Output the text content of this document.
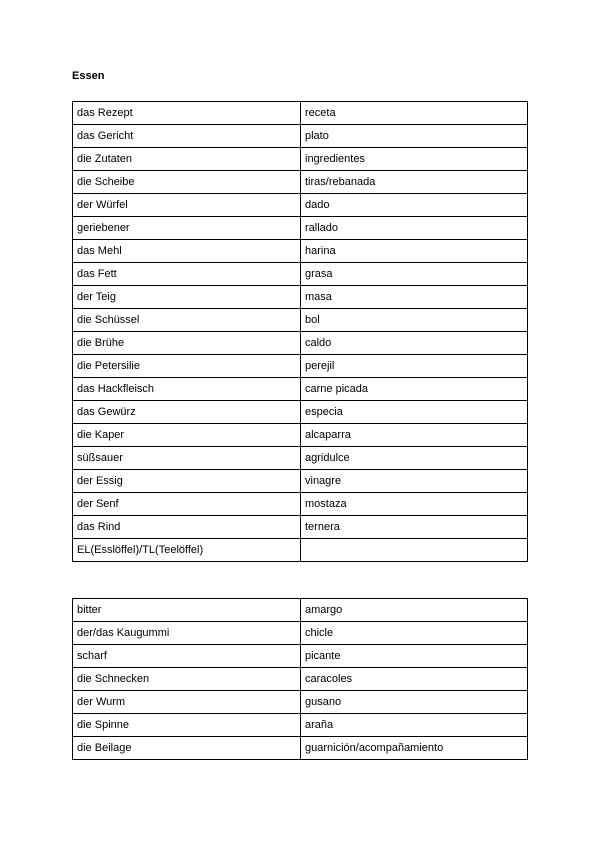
Essen
das Rezept	receta
das Gericht	plato
die Zutaten	ingredientes
die Scheibe	tiras/rebanada
der Würfel	dado
geriebener	rallado
das Mehl	harina
das Fett	grasa
der Teig	masa
die Schüssel	bol
die Brühe	caldo
die Petersilie	perejil
das Hackfleisch	carne picada
das Gewürz	especia
die Kaper	alcaparra
süßsauer	agridulce
der Essig	vinagre
der Senf	mostaza
das Rind	ternera
EL(Esslöffel)/TL(Teelöffel)	
bitter	amargo
der/das Kaugummi	chicle
scharf	picante
die Schnecken	caracoles
der Wurm	gusano
die Spinne	araña
die Beilage	guarnición/acompañamiento
